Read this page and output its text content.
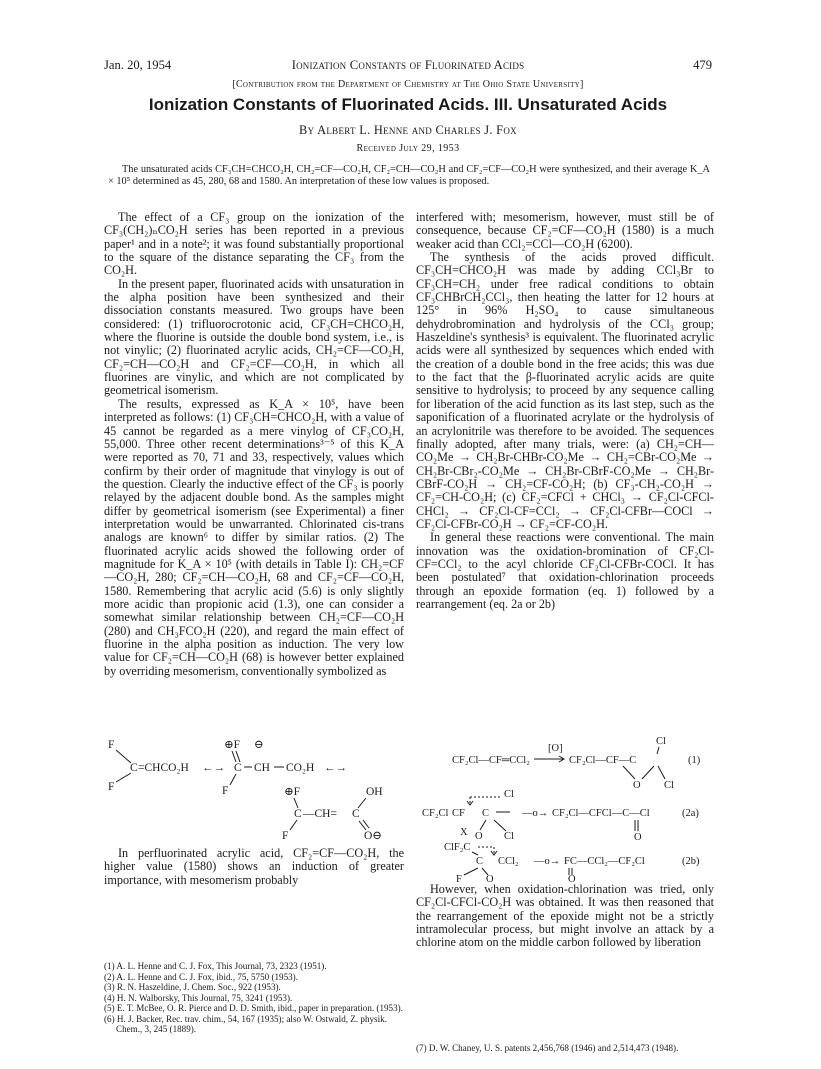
Jan. 20, 1954	Ionization Constants of Fluorinated Acids	479
[Contribution from the Department of Chemistry at The Ohio State University]
Ionization Constants of Fluorinated Acids. III. Unsaturated Acids
By Albert L. Henne and Charles J. Fox
Received July 29, 1953
The unsaturated acids CF₃CH=CHCO₂H, CH₂=CF—CO₂H, CF₂=CH—CO₂H and CF₂=CF—CO₂H were synthesized, and their average K_A × 10⁵ determined as 45, 280, 68 and 1580. An interpretation of these low values is proposed.

The effect of a CF₃ group on the ionization of the CF₃(CH₂)ₙCO₂H series has been reported in a previous paper¹ and in a note²; it was found substantially proportional to the square of the distance separating the CF₃ from the CO₂H.

In the present paper, fluorinated acids with unsaturation in the alpha position have been synthesized and their dissociation constants measured. Two groups have been considered: (1) trifluorocrotonic acid, CF₃CH=CHCO₂H, where the fluorine is outside the double bond system, i.e., is not vinylic; (2) fluorinated acrylic acids, CH₂=CF—CO₂H, CF₂=CH—CO₂H and CF₂=CF—CO₂H, in which all fluorines are vinylic, and which are not complicated by geometrical isomerism.

The results, expressed as K_A × 10⁵, have been interpreted as follows: (1) CF₃CH=CHCO₂H, with a value of 45 cannot be regarded as a mere vinylog of CF₃CO₂H, 55,000. Three other recent determinations³⁻⁵ of this K_A were reported as 70, 71 and 33, respectively, values which confirm by their order of magnitude that vinylogy is out of the question. Clearly the inductive effect of the CF₃ is poorly relayed by the adjacent double bond. As the samples might differ by geometrical isomerism (see Experimental) a finer interpretation would be unwarranted. Chlorinated cis-trans analogs are known⁶ to differ by similar ratios. (2) The fluorinated acrylic acids showed the following order of magnitude for K_A × 10⁵ (with details in Table I): CH₂=CF—CO₂H, 280; CF₂=CH—CO₂H, 68 and CF₂=CF—CO₂H, 1580. Remembering that acrylic acid (5.6) is only slightly more acidic than propionic acid (1.3), one can consider a somewhat similar relationship between CH₂=CF—CO₂H (280) and CH₃FCO₂H (220), and regard the main effect of fluorine in the alpha position as induction. The very low value for CF₂=CH—CO₂H (68) is however better explained by overriding mesomerism, conventionally symbolized as

F
F
C =CHCO₂H ←→
⊕F ⊖
C CH CO₂H
F
←→
⊕F	OH
C —CH= C
F	O⊖

In perfluorinated acrylic acid, CF₂=CF—CO₂H, the higher value (1580) shows an induction of greater importance, with mesomerism probably

(1) A. L. Henne and C. J. Fox, This Journal, 73, 2323 (1951).
(2) A. L. Henne and C. J. Fox, ibid., 75, 5750 (1953).
(3) R. N. Haszeldine, J. Chem. Soc., 922 (1953).
(4) H. N. Walborsky, This Journal, 75, 3241 (1953).
(5) E. T. McBee, O. R. Pierce and D. D. Smith, ibid., paper in preparation. (1953).
(6) H. J. Backer, Rec. trav. chim., 54, 167 (1935); also W. Ostwald, Z. physik. Chem., 3, 245 (1889).

interfered with; mesomerism, however, must still be of consequence, because CF₂=CF—CO₂H (1580) is a much weaker acid than CCl₂=CCl—CO₂H (6200).

The synthesis of the acids proved difficult. CF₃CH=CHCO₂H was made by adding CCl₃Br to CF₃CH=CH₂ under free radical conditions to obtain CF₃CHBrCH₂CCl₃, then heating the latter for 12 hours at 125° in 96% H₂SO₄ to cause simultaneous dehydrobromination and hydrolysis of the CCl₃ group; Haszeldine's synthesis³ is equivalent. The fluorinated acrylic acids were all synthesized by sequences which ended with the creation of a double bond in the free acids; this was due to the fact that the β-fluorinated acrylic acids are quite sensitive to hydrolysis; to proceed by any sequence calling for liberation of the acid function as its last step, such as the saponification of a fluorinated acrylate or the hydrolysis of an acrylonitrile was therefore to be avoided. The sequences finally adopted, after many trials, were: (a) CH₂=CH—CO₂Me → CH₂Br-CHBr-CO₂Me → CH₂=CBr-CO₂Me → CH₂Br-CBr₂-CO₂Me → CH₂Br-CBrF-CO₂Me → CH₂Br-CBrF-CO₂H → CH₂=CF-CO₂H; (b) CF₃-CH₂-CO₂H → CF₂=CH-CO₂H; (c) CF₂=CFCl + CHCl₃ → CF₂Cl-CFCl-CHCl₂ → CF₂Cl-CF=CCl₂ → CF₂Cl-CFBr—COCl → CF₂Cl-CFBr-CO₂H → CF₂=CF-CO₂H.

In general these reactions were conventional. The main innovation was the oxidation-bromination of CF₂Cl-CF=CCl₂ to the acyl chloride CF₂Cl-CFBr-COCl. It has been postulated⁷ that oxidation-chlorination proceeds through an epoxide formation (eq. 1) followed by a rearrangement (eq. 2a or 2b)

CF₂Cl—CF═CCl₂
[O]
CF₂Cl—CF—C
Cl
O Cl
(1)
CF₂Cl CF C
Cl
X O Cl
—o→ CF₂Cl—CFCl—C—Cl
O
(2a)
ClF₂C
C CCl₂
F O
—o→ FC—CCl₂—CF₂Cl
O
(2b)

However, when oxidation-chlorination was tried, only CF₂Cl-CFCl-CO₂H was obtained. It was then reasoned that the rearrangement of the epoxide might not be a strictly intramolecular process, but might involve an attack by a chlorine atom on the middle carbon followed by liberation

(7) D. W. Chaney, U. S. patents 2,456,768 (1946) and 2,514,473 (1948).
